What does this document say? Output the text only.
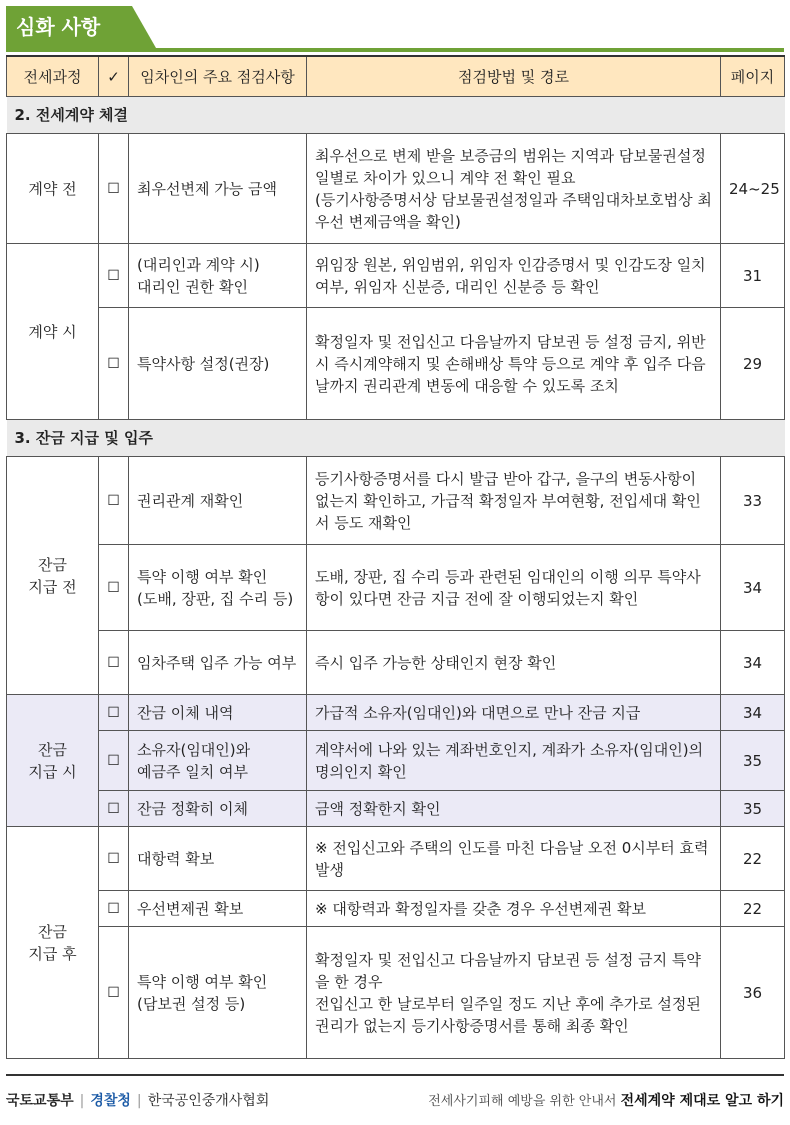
심화 사항
전세과정	✓	임차인의 주요 점검사항	점검방법 및 경로	페이지
2. 전세계약 체결				
계약 전	☐	최우선변제 가능 금액	최우선으로 변제 받을 보증금의 범위는 지역과 담보물권설정일별로 차이가 있으니 계약 전 확인 필요
(등기사항증명서상 담보물권설정일과 주택임대차보호법상 최우선 변제금액을 확인)	24~25
계약 시	☐	(대리인과 계약 시)
대리인 권한 확인	위임장 원본, 위임범위, 위임자 인감증명서 및 인감도장 일치 여부, 위임자 신분증, 대리인 신분증 등 확인	31
	☐	특약사항 설정(권장)	확정일자 및 전입신고 다음날까지 담보권 등 설정 금지, 위반시 즉시계약해지 및 손해배상 특약 등으로 계약 후 입주 다음날까지 권리관계 변동에 대응할 수 있도록 조치	29
3. 잔금 지급 및 입주				
잔금
지급 전	☐	권리관계 재확인	등기사항증명서를 다시 발급 받아 갑구, 을구의 변동사항이 없는지 확인하고, 가급적 확정일자 부여현황, 전입세대 확인서 등도 재확인	33
	☐	특약 이행 여부 확인
(도배, 장판, 집 수리 등)	도배, 장판, 집 수리 등과 관련된 임대인의 이행 의무 특약사항이 있다면 잔금 지급 전에 잘 이행되었는지 확인	34
	☐	임차주택 입주 가능 여부	즉시 입주 가능한 상태인지 현장 확인	34
잔금
지급 시	☐	잔금 이체 내역	가급적 소유자(임대인)와 대면으로 만나 잔금 지급	34
	☐	소유자(임대인)와
예금주 일치 여부	계약서에 나와 있는 계좌번호인지, 계좌가 소유자(임대인)의 명의인지 확인	35
	☐	잔금 정확히 이체	금액 정확한지 확인	35
잔금
지급 후	☐	대항력 확보	※ 전입신고와 주택의 인도를 마친 다음날 오전 0시부터 효력 발생	22
	☐	우선변제권 확보	※ 대항력과 확정일자를 갖춘 경우 우선변제권 확보	22
	☐	특약 이행 여부 확인
(담보권 설정 등)	확정일자 및 전입신고 다음날까지 담보권 등 설정 금지 특약을 한 경우
전입신고 한 날로부터 일주일 정도 지난 후에 추가로 설정된 권리가 없는지 등기사항증명서를 통해 최종 확인	36
국토교통부 | 경찰청 | 한국공인중개사협회	전세사기피해 예방을 위한 안내서 전세계약 제대로 알고 하기
